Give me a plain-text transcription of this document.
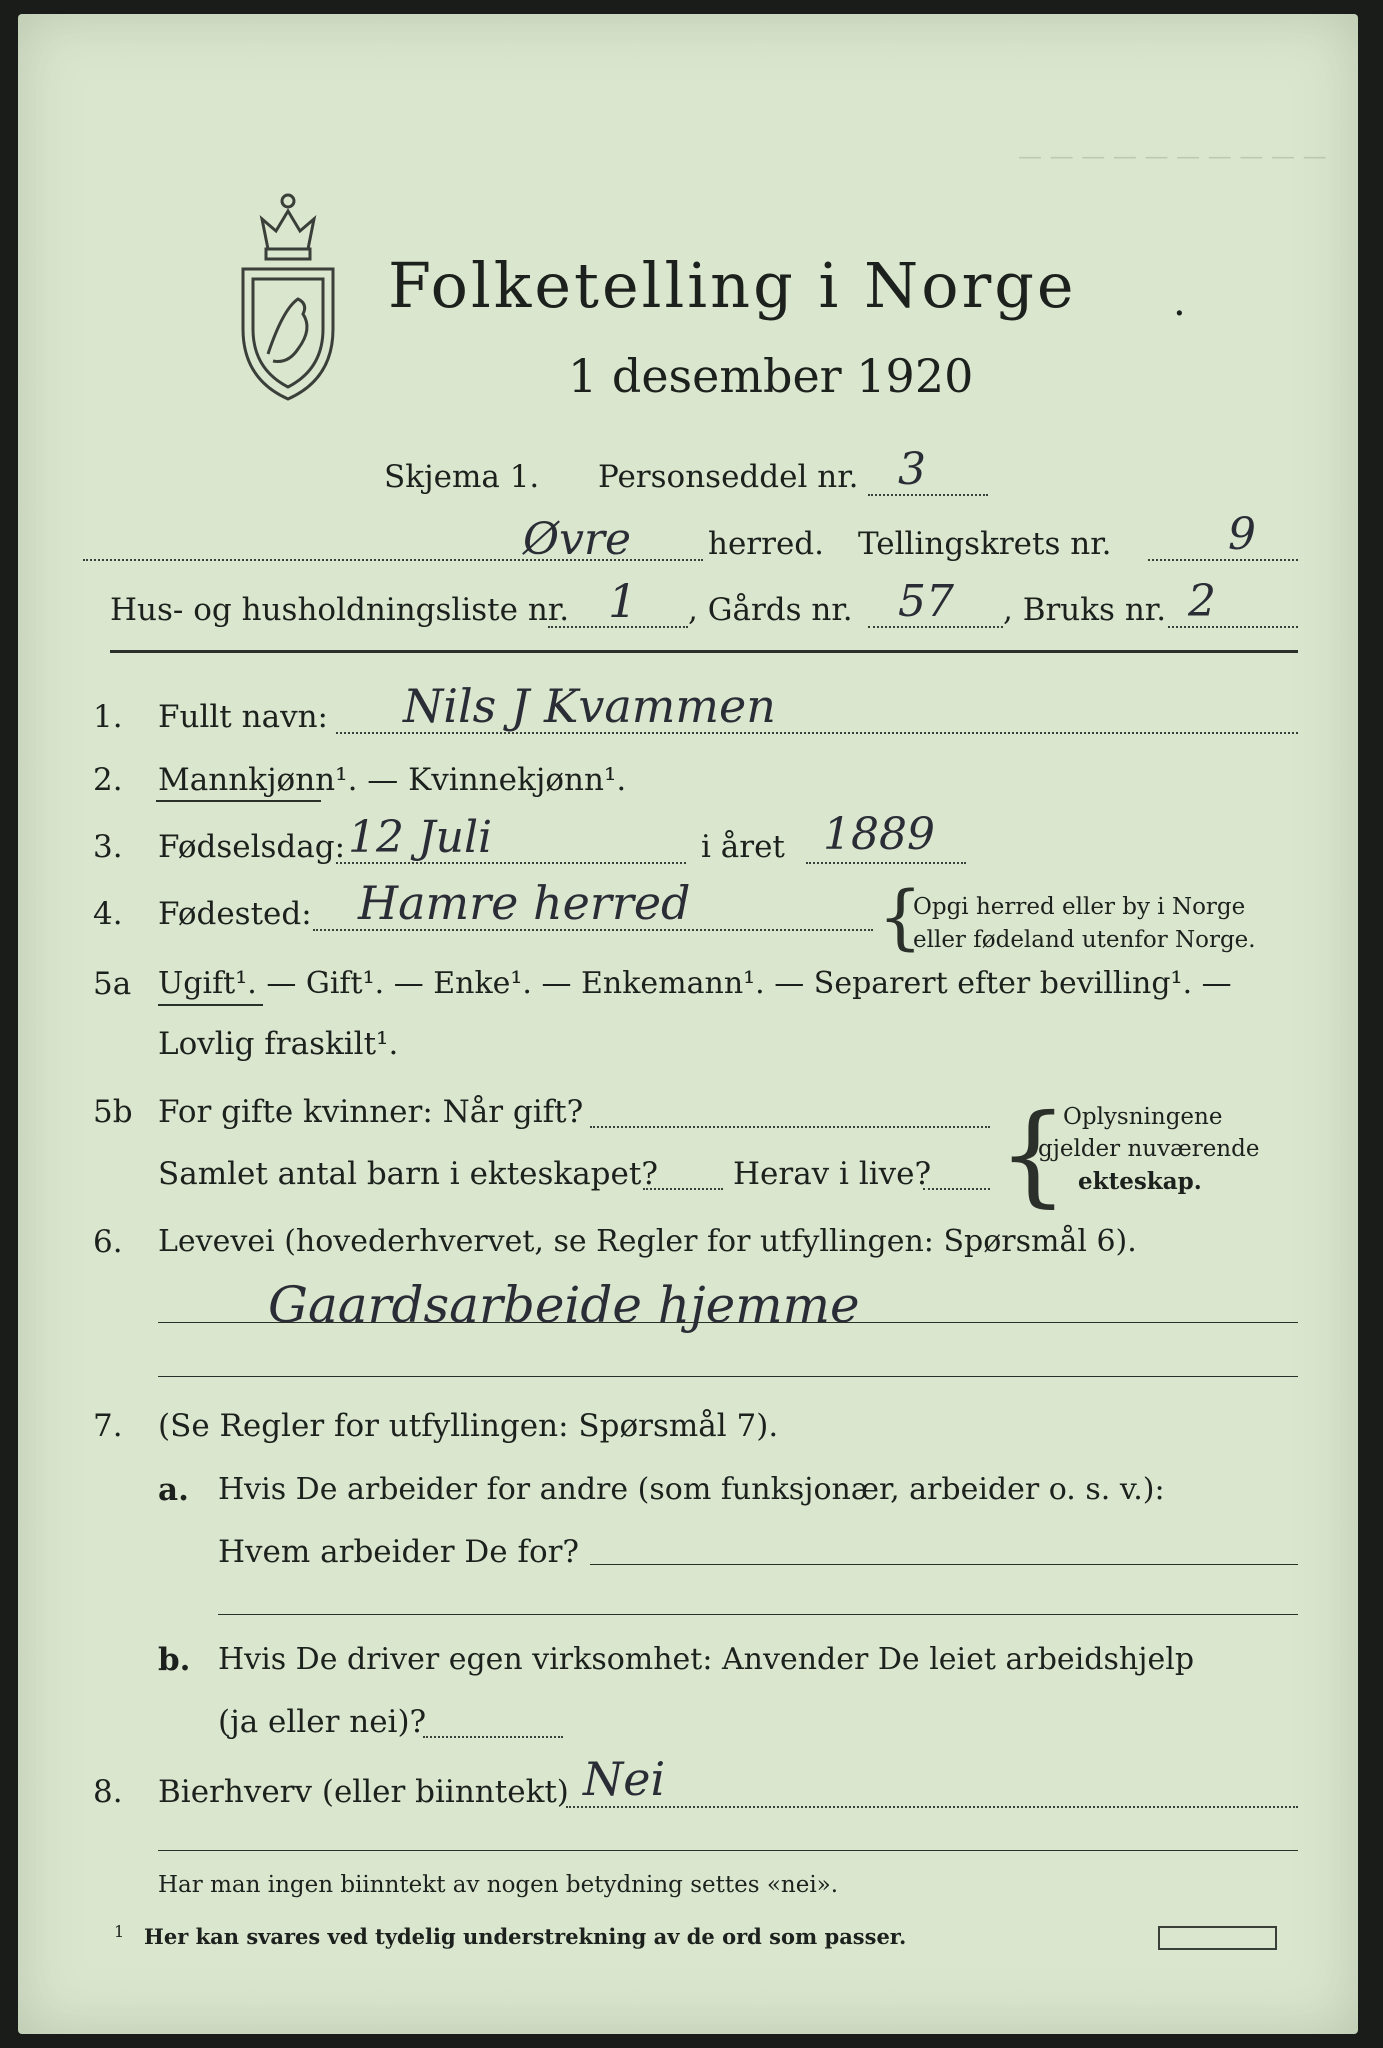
— — — — — — — — — —
Folketelling i Norge .
1 desember 1920
Skjema 1. Personseddel nr. 3
Øvre herred. Tellingskrets nr.	9
Hus- og husholdningsliste nr. 1 , Gårds nr. 57 , Bruks nr. 2
1. Fullt navn: Nils J Kvammen
2. Mannkjønn¹. — Kvinnekjønn¹.
3. Fødselsdag: 12 Juli	i året 1889
4. Fødested: Hamre herred	{
Opgi herred eller by i Norge
eller fødeland utenfor Norge.
5a Ugift¹. — Gift¹. — Enke¹. — Enkemann¹. — Separert efter bevilling¹. —
Lovlig fraskilt¹.
5b For gifte kvinner: Når gift?
Samlet antal barn i ekteskapet? Herav i live? {
Oplysningene
gjelder nuværende
ekteskap.
6. Levevei (hovederhvervet, se Regler for utfyllingen: Spørsmål 6).
Gaardsarbeide hjemme
7. (Se Regler for utfyllingen: Spørsmål 7).
a. Hvis De arbeider for andre (som funksjonær, arbeider o. s. v.):
Hvem arbeider De for?
b. Hvis De driver egen virksomhet: Anvender De leiet arbeidshjelp
(ja eller nei)?
8. Bierhverv (eller biinntekt) Nei
Har man ingen biinntekt av nogen betydning settes «nei».
1 Her kan svares ved tydelig understrekning av de ord som passer.
